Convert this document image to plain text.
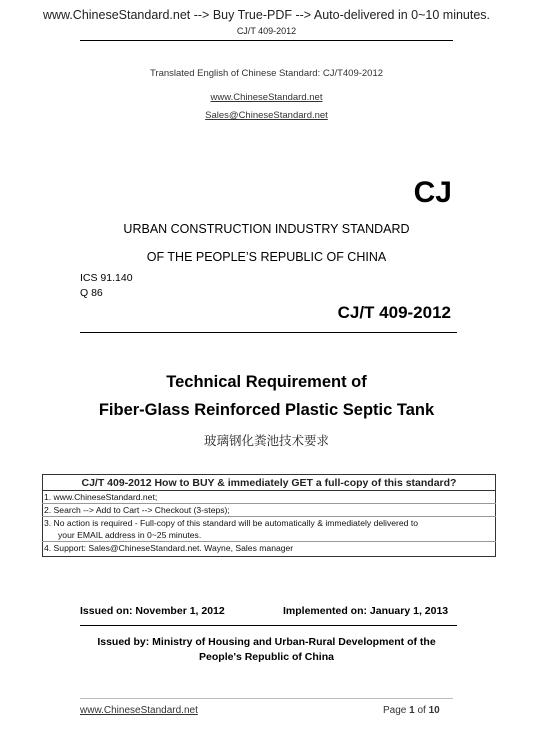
www.ChineseStandard.net --> Buy True-PDF --> Auto-delivered in 0~10 minutes.
CJ/T 409-2012
Translated English of Chinese Standard: CJ/T409-2012
www.ChineseStandard.net
Sales@ChineseStandard.net
CJ
URBAN CONSTRUCTION INDUSTRY STANDARD
OF THE PEOPLE’S REPUBLIC OF CHINA
ICS 91.140
Q 86
CJ/T 409-2012
Technical Requirement of
Fiber-Glass Reinforced Plastic Septic Tank
玻璃钢化粪池技术要求
CJ/T 409-2012 How to BUY & immediately GET a full-copy of this standard?
1. www.ChineseStandard.net;
2. Search --> Add to Cart --> Checkout (3-steps);
3. No action is required - Full-copy of this standard will be automatically & immediately delivered to
your EMAIL address in 0~25 minutes.
4. Support: Sales@ChineseStandard.net. Wayne, Sales manager
Issued on: November 1, 2012	Implemented on: January 1, 2013
Issued by: Ministry of Housing and Urban-Rural Development of the
People's Republic of China
www.ChineseStandard.net	Page 1 of 10
